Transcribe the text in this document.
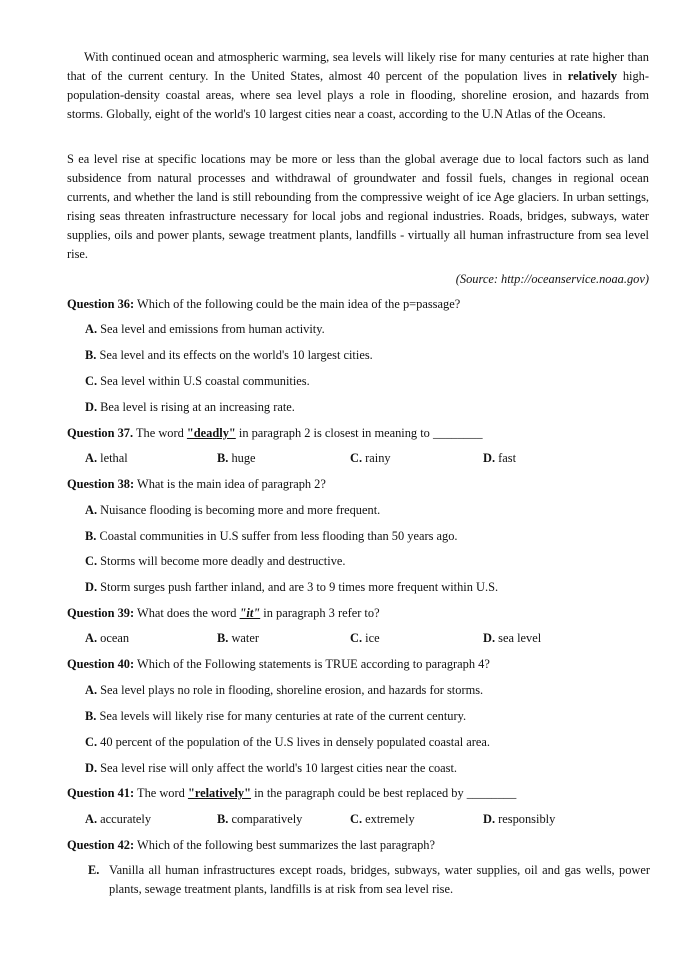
With continued ocean and atmospheric warming, sea levels will likely rise for many centuries at rate higher than that of the current century. In the United States, almost 40 percent of the population lives in relatively high-population-density coastal areas, where sea level plays a role in flooding, shoreline erosion, and hazards from storms. Globally, eight of the world's 10 largest cities near a coast, according to the U.N Atlas of the Oceans.
S ea level rise at specific locations may be more or less than the global average due to local factors such as land subsidence from natural processes and withdrawal of groundwater and fossil fuels, changes in regional ocean currents, and whether the land is still rebounding from the compressive weight of ice Age glaciers. In urban settings, rising seas threaten infrastructure necessary for local jobs and regional industries. Roads, bridges, subways, water supplies, oils and power plants, sewage treatment plants, landfills - virtually all human infrastructure from sea level rise.
(Source: http://oceanservice.noaa.gov)
Question 36: Which of the following could be the main idea of the p=passage?
A. Sea level and emissions from human activity.
B. Sea level and its effects on the world's 10 largest cities.
C. Sea level within U.S coastal communities.
D. Bea level is rising at an increasing rate.
Question 37. The word "deadly" in paragraph 2 is closest in meaning to ________
A. lethal	B. huge	C. rainy	D. fast
Question 38: What is the main idea of paragraph 2?
A. Nuisance flooding is becoming more and more frequent.
B. Coastal communities in U.S suffer from less flooding than 50 years ago.
C. Storms will become more deadly and destructive.
D. Storm surges push farther inland, and are 3 to 9 times more frequent within U.S.
Question 39: What does the word "it" in paragraph 3 refer to?
A. ocean	B. water	C. ice	D. sea level
Question 40: Which of the Following statements is TRUE according to paragraph 4?
A. Sea level plays no role in flooding, shoreline erosion, and hazards for storms.
B. Sea levels will likely rise for many centuries at rate of the current century.
C. 40 percent of the population of the U.S lives in densely populated coastal area.
D. Sea level rise will only affect the world's 10 largest cities near the coast.
Question 41: The word "relatively" in the paragraph could be best replaced by ________
A. accurately	B. comparatively	C. extremely	D. responsibly
Question 42: Which of the following best summarizes the last paragraph?
E. Vanilla all human infrastructures except roads, bridges, subways, water supplies, oil and gas wells, power plants, sewage treatment plants, landfills is at risk from sea level rise.
